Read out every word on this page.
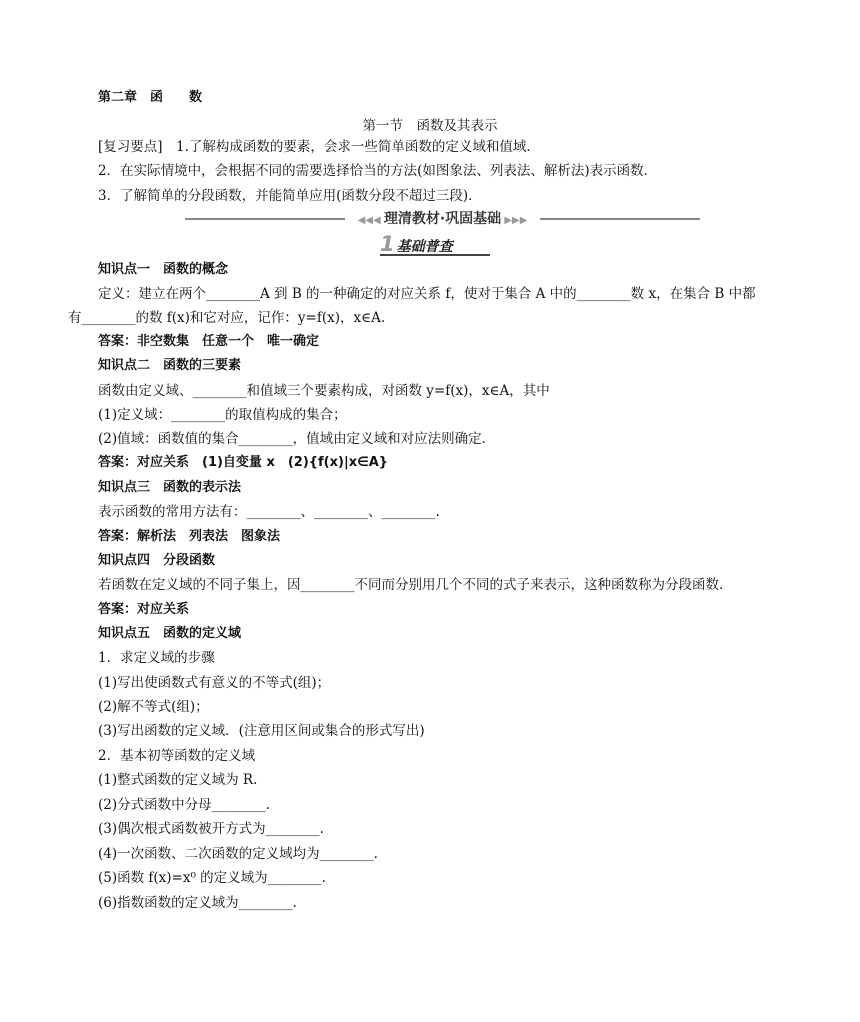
第二章　函　　数
第一节　函数及其表示
[复习要点]　1.了解构成函数的要素，会求一些简单函数的定义域和值域．
2．在实际情境中，会根据不同的需要选择恰当的方法(如图象法、列表法、解析法)表示函数．
3．了解简单的分段函数，并能简单应用(函数分段不超过三段)．
◀◀◀ 理清教材·巩固基础 ▶▶▶
1 基础普查
知识点一　函数的概念
定义：建立在两个________A 到 B 的一种确定的对应关系 f，使对于集合 A 中的________数 x，在集合 B 中都
有________的数 f(x)和它对应，记作：y=f(x)，x∈A.
答案：非空数集　任意一个　唯一确定
知识点二　函数的三要素
函数由定义域、________和值域三个要素构成，对函数 y=f(x)，x∈A，其中
(1)定义域：________的取值构成的集合；
(2)值域：函数值的集合________，值域由定义域和对应法则确定．
答案：对应关系　(1)自变量 x　(2){f(x)|x∈A}
知识点三　函数的表示法
表示函数的常用方法有：________、________、________.
答案：解析法　列表法　图象法
知识点四　分段函数
若函数在定义域的不同子集上，因________不同而分别用几个不同的式子来表示，这种函数称为分段函数．
答案：对应关系
知识点五　函数的定义域
1．求定义域的步骤
(1)写出使函数式有意义的不等式(组)；
(2)解不等式(组)；
(3)写出函数的定义域．(注意用区间或集合的形式写出)
2．基本初等函数的定义域
(1)整式函数的定义域为 R.
(2)分式函数中分母________.
(3)偶次根式函数被开方式为________.
(4)一次函数、二次函数的定义域均为________.
(5)函数 f(x)=x⁰ 的定义域为________.
(6)指数函数的定义域为________.
